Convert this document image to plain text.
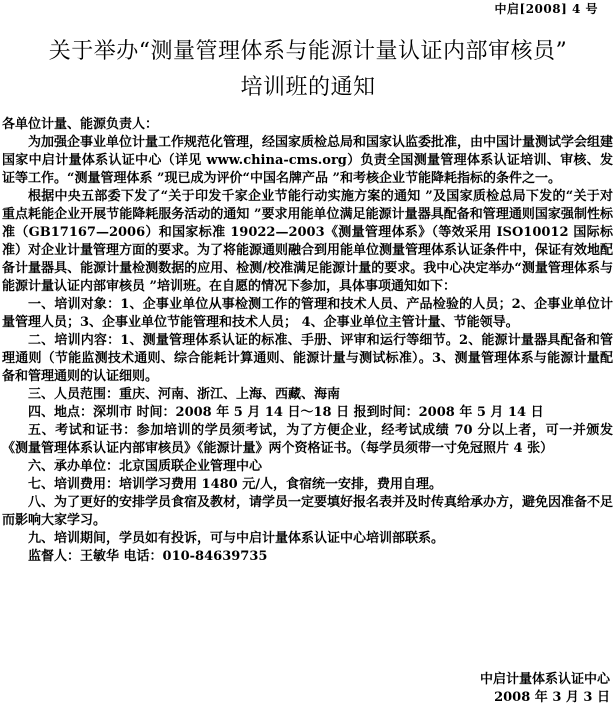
中启[2008] 4 号
关于举办“测量管理体系与能源计量认证内部审核员”
培训班的通知

各单位计量、能源负责人：

为加强企事业单位计量工作规范化管理，经国家质检总局和国家认监委批准，由中国计量测试学会组建国家中启计量体系认证中心（详见 www.china-cms.org）负责全国测量管理体系认证培训、审核、发证等工作。“测量管理体系 ”现已成为评价“中国名牌产品 ”和考核企业节能降耗指标的条件之一。

根据中央五部委下发了“关于印发千家企业节能行动实施方案的通知 ”及国家质检总局下发的“关于对重点耗能企业开展节能降耗服务活动的通知 ”要求用能单位满足能源计量器具配备和管理通则国家强制性标准（GB17167—2006）和国家标准 19022—2003《测量管理体系》（等效采用 ISO10012 国际标准）对企业计量管理方面的要求。为了将能源通则融合到用能单位测量管理体系认证条件中，保证有效地配备计量器具、能源计量检测数据的应用、检测/校准满足能源计量的要求。我中心决定举办“测量管理体系与能源计量认证内部审核员 ”培训班。在自愿的情况下参加，具体事项通知如下：

一、培训对象：1、企事业单位从事检测工作的管理和技术人员、产品检验的人员；2、企事业单位计量管理人员；3、企事业单位节能管理和技术人员； 4、企事业单位主管计量、节能领导。

二、培训内容：1、测量管理体系认证的标准、手册、评审和运行等细节。2、能源计量器具配备和管理通则（节能监测技术通则、综合能耗计算通则、能源计量与测试标准）。3、测量管理体系与能源计量配备和管理通则的认证细则。

三、人员范围：重庆、河南、浙江、上海、西藏、海南

四、地点：深圳市 时间：2008 年 5 月 14 日～18 日 报到时间：2008 年 5 月 14 日

五、考试和证书：参加培训的学员须考试，为了方便企业，经考试成绩 70 分以上者，可一并颁发《测量管理体系认证内部审核员》《能源计量》两个资格证书。（每学员须带一寸免冠照片 4 张）

六、承办单位：北京国质联企业管理中心

七、培训费用：培训学习费用 1480 元/人，食宿统一安排，费用自理。

八、为了更好的安排学员食宿及教材，请学员一定要填好报名表并及时传真给承办方，避免因准备不足而影响大家学习。

九、培训期间，学员如有投诉，可与中启计量体系认证中心培训部联系。

监督人：王敏华 电话：010-84639735

中启计量体系认证中心
2008 年 3 月 3 日
